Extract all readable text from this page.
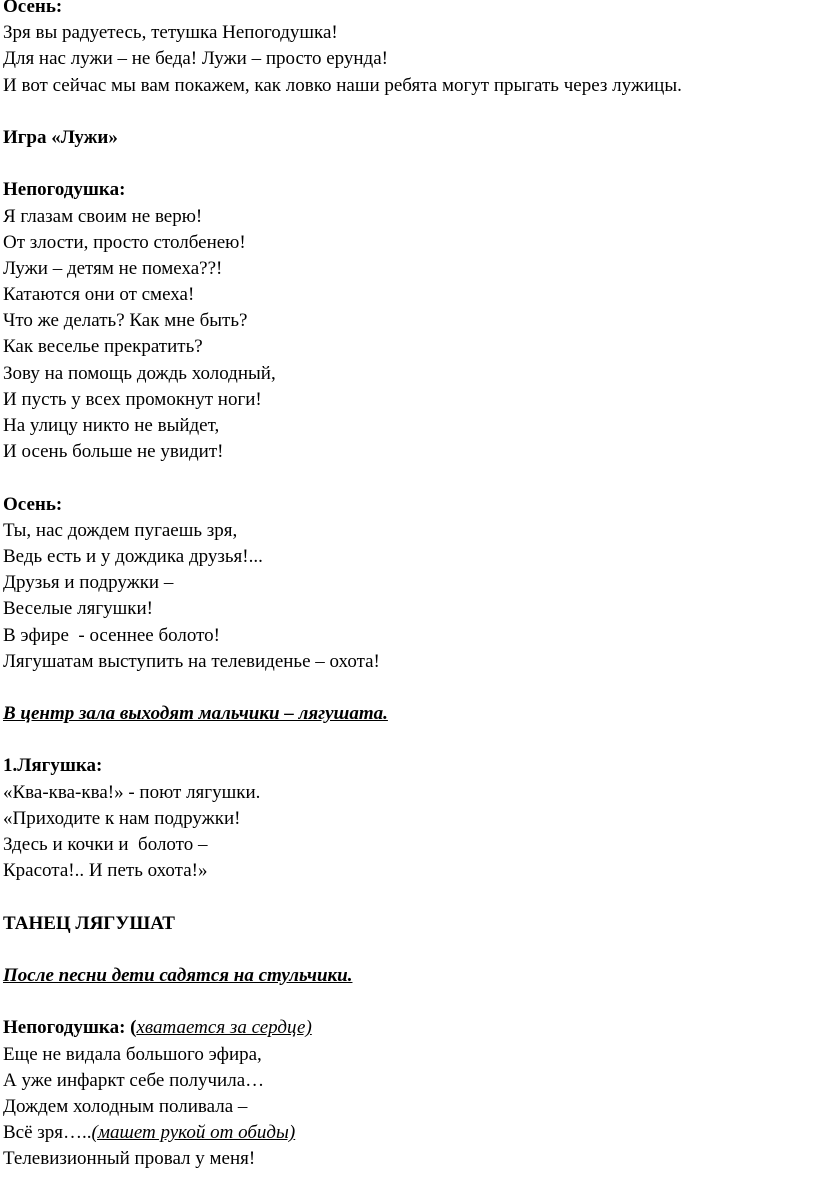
Осень:

Зря вы радуетесь, тетушка Непогодушка!

Для нас лужи – не беда! Лужи – просто ерунда!

И вот сейчас мы вам покажем, как ловко наши ребята могут прыгать через лужицы.

Игра «Лужи»

Непогодушка:

Я глазам своим не верю!

От злости, просто столбенею!

Лужи – детям не помеха??!

Катаются они от смеха!

Что же делать? Как мне быть?

Как веселье прекратить?

Зову на помощь дождь холодный,

И пусть у всех промокнут ноги!

На улицу никто не выйдет,

И осень больше не увидит!

Осень:

Ты, нас дождем пугаешь зря,

Ведь есть и у дождика друзья!...

Друзья и подружки –

Веселые лягушки!

В эфире  - осеннее болото!

Лягушатам выступить на телевиденье – охота!

В центр зала выходят мальчики – лягушата.

1.Лягушка:

«Ква-ква-ква!» - поют лягушки.

«Приходите к нам подружки!

Здесь и кочки и  болото –

Красота!.. И петь охота!»

ТАНЕЦ ЛЯГУШАТ

После песни дети садятся на стульчики.

Непогодушка: (хватается за сердце)

Еще не видала большого эфира,

А уже инфаркт себе получила…

Дождем холодным поливала –

Всё зря…..(машет рукой от обиды)

Телевизионный провал у меня!
